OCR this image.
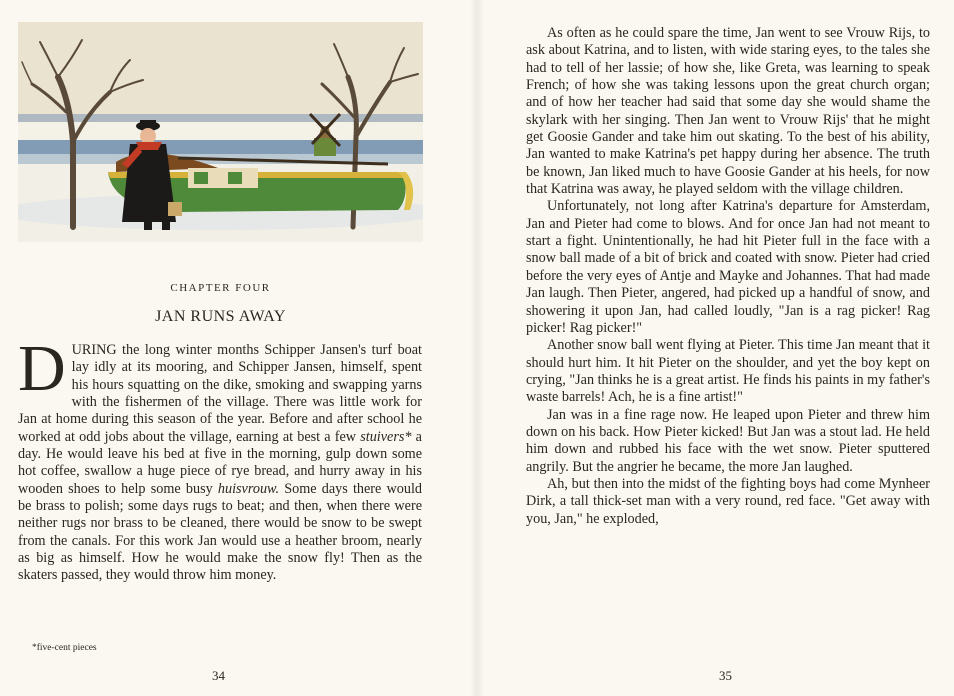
CHAPTER FOUR
JAN RUNS AWAY

DURING the long winter months Schipper Jansen's turf boat lay idly at its mooring, and Schipper Jansen, himself, spent his hours squatting on the dike, smoking and swapping yarns with the fishermen of the village. There was little work for Jan at home during this season of the year. Before and after school he worked at odd jobs about the village, earning at best a few stuivers* a day. He would leave his bed at five in the morning, gulp down some hot coffee, swallow a huge piece of rye bread, and hurry away in his wooden shoes to help some busy huisvrouw. Some days there would be brass to polish; some days rugs to beat; and then, when there were neither rugs nor brass to be cleaned, there would be snow to be swept from the canals. For this work Jan would use a heather broom, nearly as big as himself. How he would make the snow fly! Then as the skaters passed, they would throw him money.

*five-cent pieces
34

As often as he could spare the time, Jan went to see Vrouw Rijs, to ask about Katrina, and to listen, with wide staring eyes, to the tales she had to tell of her lassie; of how she, like Greta, was learning to speak French; of how she was taking lessons upon the great church organ; and of how her teacher had said that some day she would shame the skylark with her singing. Then Jan went to Vrouw Rijs' that he might get Goosie Gander and take him out skating. To the best of his ability, Jan wanted to make Katrina's pet happy during her absence. The truth be known, Jan liked much to have Goosie Gander at his heels, for now that Katrina was away, he played seldom with the village children.

Unfortunately, not long after Katrina's departure for Amsterdam, Jan and Pieter had come to blows. And for once Jan had not meant to start a fight. Unintentionally, he had hit Pieter full in the face with a snow ball made of a bit of brick and coated with snow. Pieter had cried before the very eyes of Antje and Mayke and Johannes. That had made Jan laugh. Then Pieter, angered, had picked up a handful of snow, and showering it upon Jan, had called loudly, "Jan is a rag picker! Rag picker! Rag picker!"

Another snow ball went flying at Pieter. This time Jan meant that it should hurt him. It hit Pieter on the shoulder, and yet the boy kept on crying, "Jan thinks he is a great artist. He finds his paints in my father's waste barrels! Ach, he is a fine artist!"

Jan was in a fine rage now. He leaped upon Pieter and threw him down on his back. How Pieter kicked! But Jan was a stout lad. He held him down and rubbed his face with the wet snow. Pieter sputtered angrily. But the angrier he became, the more Jan laughed.

Ah, but then into the midst of the fighting boys had come Mynheer Dirk, a tall thick-set man with a very round, red face. "Get away with you, Jan," he exploded,

35
